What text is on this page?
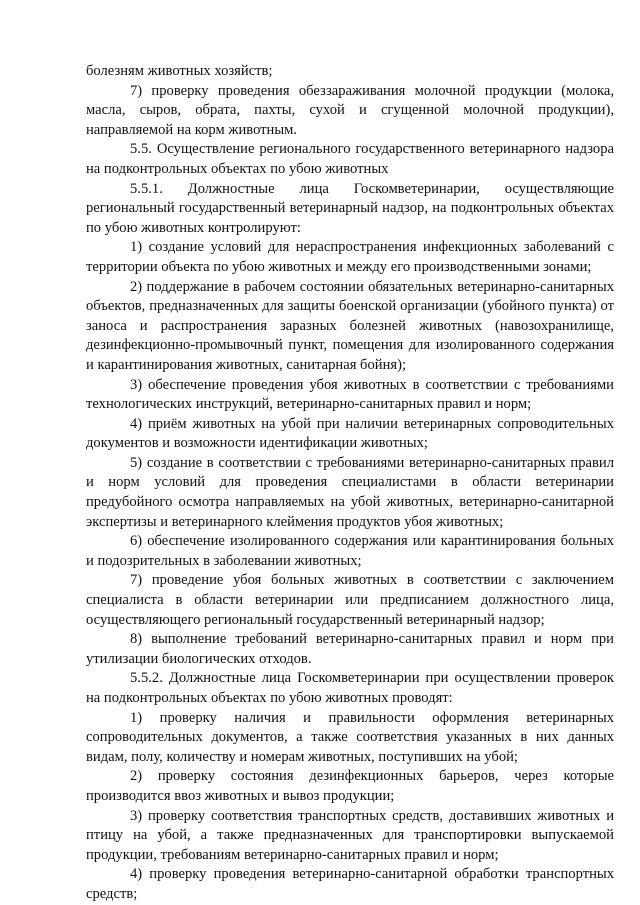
болезням животных хозяйств;

7) проверку проведения обеззараживания молочной продукции (молока, масла, сыров, обрата, пахты, сухой и сгущенной молочной продукции), направляемой на корм животным.

5.5. Осуществление регионального государственного ветеринарного надзора на подконтрольных объектах по убою животных

5.5.1. Должностные лица Госкомветеринарии, осуществляющие региональный государственный ветеринарный надзор, на подконтрольных объектах по убою животных контролируют:

1) создание условий для нераспространения инфекционных заболеваний с территории объекта по убою животных и между его производственными зонами;

2) поддержание в рабочем состоянии обязательных ветеринарно-санитарных объектов, предназначенных для защиты боенской организации (убойного пункта) от заноса и распространения заразных болезней животных (навозохранилище, дезинфекционно-промывочный пункт, помещения для изолированного содержания и карантинирования животных, санитарная бойня);

3) обеспечение проведения убоя животных в соответствии с требованиями технологических инструкций, ветеринарно-санитарных правил и норм;

4) приём животных на убой при наличии ветеринарных сопроводительных документов и возможности идентификации животных;

5) создание в соответствии с требованиями ветеринарно-санитарных правил и норм условий для проведения специалистами в области ветеринарии предубойного осмотра направляемых на убой животных, ветеринарно-санитарной экспертизы и ветеринарного клеймения продуктов убоя животных;

6) обеспечение изолированного содержания или карантинирования больных и подозрительных в заболевании животных;

7) проведение убоя больных животных в соответствии с заключением специалиста в области ветеринарии или предписанием должностного лица, осуществляющего региональный государственный ветеринарный надзор;

8) выполнение требований ветеринарно-санитарных правил и норм при утилизации биологических отходов.

5.5.2. Должностные лица Госкомветеринарии при осуществлении проверок на подконтрольных объектах по убою животных проводят:

1) проверку наличия и правильности оформления ветеринарных сопроводительных документов, а также соответствия указанных в них данных видам, полу, количеству и номерам животных, поступивших на убой;

2) проверку состояния дезинфекционных барьеров, через которые производится ввоз животных и вывоз продукции;

3) проверку соответствия транспортных средств, доставивших животных и птицу на убой, а также предназначенных для транспортировки выпускаемой продукции, требованиям ветеринарно-санитарных правил и норм;

4) проверку проведения ветеринарно-санитарной обработки транспортных средств;
